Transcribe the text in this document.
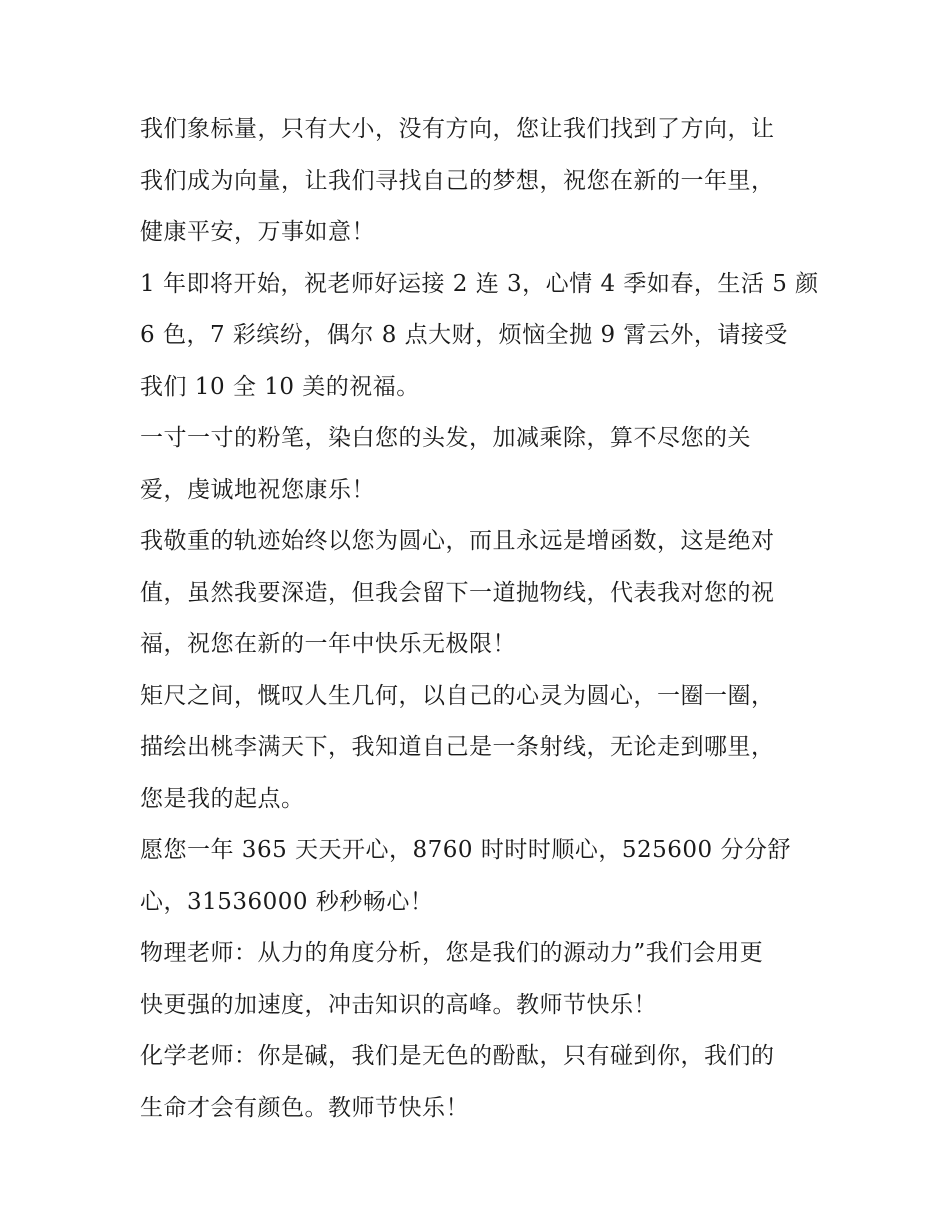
我们象标量，只有大小，没有方向，您让我们找到了方向，让
我们成为向量，让我们寻找自己的梦想，祝您在新的一年里，
健康平安，万事如意！
1 年即将开始，祝老师好运接 2 连 3，心情 4 季如春，生活 5 颜
6 色，7 彩缤纷，偶尔 8 点大财，烦恼全抛 9 霄云外，请接受
我们 10 全 10 美的祝福。
一寸一寸的粉笔，染白您的头发，加减乘除，算不尽您的关
爱，虔诚地祝您康乐！
我敬重的轨迹始终以您为圆心，而且永远是增函数，这是绝对
值，虽然我要深造，但我会留下一道抛物线，代表我对您的祝
福，祝您在新的一年中快乐无极限！
矩尺之间，慨叹人生几何，以自己的心灵为圆心，一圈一圈，
描绘出桃李满天下，我知道自己是一条射线，无论走到哪里，
您是我的起点。
愿您一年 365 天天开心，8760 时时时顺心，525600 分分舒
心，31536000 秒秒畅心！
物理老师：从力的角度分析，您是我们的源动力”我们会用更
快更强的加速度，冲击知识的高峰。教师节快乐！
化学老师：你是碱，我们是无色的酚酞，只有碰到你，我们的
生命才会有颜色。教师节快乐！
